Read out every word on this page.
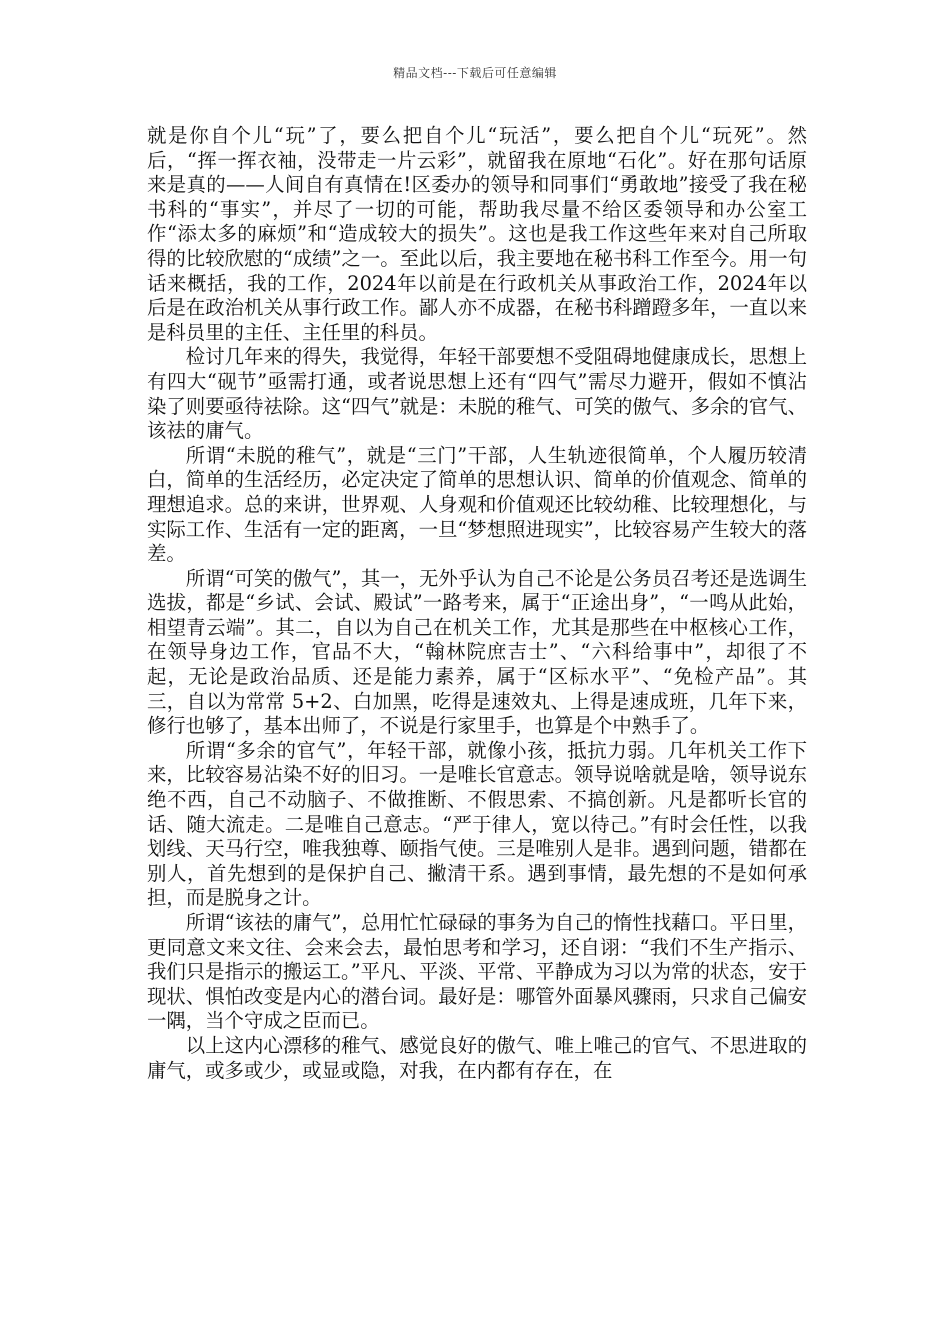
精品文档---下载后可任意编辑

就是你自个儿“玩”了，要么把自个儿“玩活”，要么把自个儿“玩死”。然后，“挥一挥衣袖，没带走一片云彩”，就留我在原地“石化”。好在那句话原来是真的——人间自有真情在!区委办的领导和同事们“勇敢地”接受了我在秘书科的“事实”，并尽了一切的可能，帮助我尽量不给区委领导和办公室工作“添太多的麻烦”和“造成较大的损失”。这也是我工作这些年来对自己所取得的比较欣慰的“成绩”之一。至此以后，我主要地在秘书科工作至今。用一句话来概括，我的工作，2024年以前是在行政机关从事政治工作，2024年以后是在政治机关从事行政工作。鄙人亦不成器，在秘书科蹭蹬多年，一直以来是科员里的主任、主任里的科员。

检讨几年来的得失，我觉得，年轻干部要想不受阻碍地健康成长，思想上有四大“砚节”亟需打通，或者说思想上还有“四气”需尽力避开，假如不慎沾染了则要亟待祛除。这“四气”就是：未脱的稚气、可笑的傲气、多余的官气、该祛的庸气。

所谓“未脱的稚气”，就是“三门”干部，人生轨迹很简单，个人履历较清白，简单的生活经历，必定决定了简单的思想认识、简单的价值观念、简单的理想追求。总的来讲，世界观、人身观和价值观还比较幼稚、比较理想化，与实际工作、生活有一定的距离，一旦“梦想照进现实”，比较容易产生较大的落差。

所谓“可笑的傲气”，其一，无外乎认为自己不论是公务员召考还是选调生选拔，都是“乡试、会试、殿试”一路考来，属于“正途出身”，“一鸣从此始，相望青云端”。其二，自以为自己在机关工作，尤其是那些在中枢核心工作，在领导身边工作，官品不大，“翰林院庶吉士”、“六科给事中”，却很了不起，无论是政治品质、还是能力素养，属于“区标水平”、“免检产品”。其三，自以为常常 5+2、白加黑，吃得是速效丸、上得是速成班，几年下来，修行也够了，基本出师了，不说是行家里手，也算是个中熟手了。

所谓“多余的官气”，年轻干部，就像小孩，抵抗力弱。几年机关工作下来，比较容易沾染不好的旧习。一是唯长官意志。领导说啥就是啥，领导说东绝不西，自己不动脑子、不做推断、不假思索、不搞创新。凡是都听长官的话、随大流走。二是唯自己意志。“严于律人，宽以待己。”有时会任性，以我划线、天马行空，唯我独尊、颐指气使。三是唯别人是非。遇到问题，错都在别人，首先想到的是保护自己、撇清干系。遇到事情，最先想的不是如何承担，而是脱身之计。

所谓“该祛的庸气”，总用忙忙碌碌的事务为自己的惰性找藉口。平日里，更同意文来文往、会来会去，最怕思考和学习，还自诩：“我们不生产指示、我们只是指示的搬运工。”平凡、平淡、平常、平静成为习以为常的状态，安于现状、惧怕改变是内心的潜台词。最好是：哪管外面暴风骤雨，只求自己偏安一隅，当个守成之臣而已。

以上这内心漂移的稚气、感觉良好的傲气、唯上唯己的官气、不思进取的庸气，或多或少，或显或隐，对我，在内都有存在，在
